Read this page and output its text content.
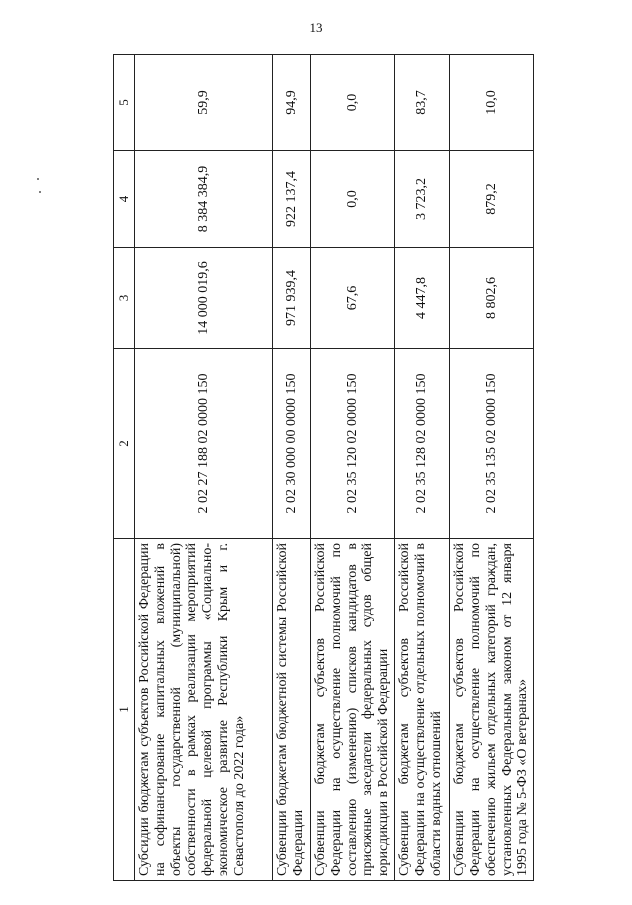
13
1	2	3	4	5
Субсидии бюджетам субъектов Российской Федерации на софинансирование капитальных вложений в объекты государственной (муниципальной) собственности в рамках реализации мероприятий федеральной целевой программы «Социально-экономическое развитие Республики Крым и г. Севастополя до 2022 года»	2 02 27 188 02 0000 150	14 000 019,6	8 384 384,9	59,9
Субвенции бюджетам бюджетной системы Российской Федерации	2 02 30 000 00 0000 150	971 939,4	922 137,4	94,9
Субвенции бюджетам субъектов Российской Федерации на осуществление полномочий по составлению (изменению) списков кандидатов в присяжные заседатели федеральных судов общей юрисдикции в Российской Федерации	2 02 35 120 02 0000 150	67,6	0,0	0,0
Субвенции бюджетам субъектов Российской Федерации на осуществление отдельных полномочий в области водных отношений	2 02 35 128 02 0000 150	4 447,8	3 723,2	83,7
Субвенции бюджетам субъектов Российской Федерации на осуществление полномочий по обеспечению жильем отдельных категорий граждан, установленных Федеральным законом от 12 января 1995 года № 5-ФЗ «О ветеранах»	2 02 35 135 02 0000 150	8 802,6	879,2	10,0
